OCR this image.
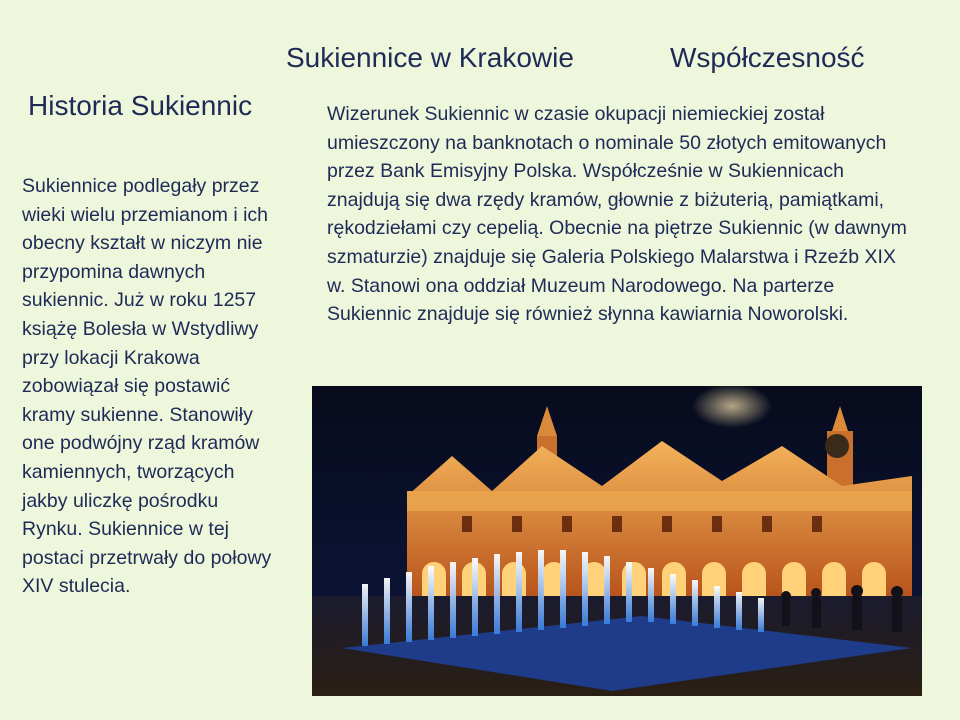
Sukiennice w Krakowie	Współczesność
Historia Sukiennic
Sukiennice podlegały przez wieki wielu przemianom i ich obecny kształt w niczym nie przypomina dawnych sukiennic. Już w roku 1257 książę Bolesła w Wstydliwy przy lokacji Krakowa zobowiązał się postawić kramy sukienne. Stanowiły one podwójny rząd kramów kamiennych, tworzących jakby uliczkę pośrodku Rynku. Sukiennice w tej postaci przetrwały do połowy XIV stulecia.
Wizerunek Sukiennic w czasie okupacji niemieckiej został umieszczony na banknotach o nominale 50 złotych emitowanych przez Bank Emisyjny Polska. Współcześnie w Sukiennicach znajdują się dwa rzędy kramów, głownie z biżuterią, pamiątkami, rękodziełami czy cepelią. Obecnie na piętrze Sukiennic (w dawnym szmaturzie) znajduje się Galeria Polskiego Malarstwa i Rzeźb XIX w. Stanowi ona oddział Muzeum Narodowego. Na parterze Sukiennic znajduje się również słynna kawiarnia Noworolski.
